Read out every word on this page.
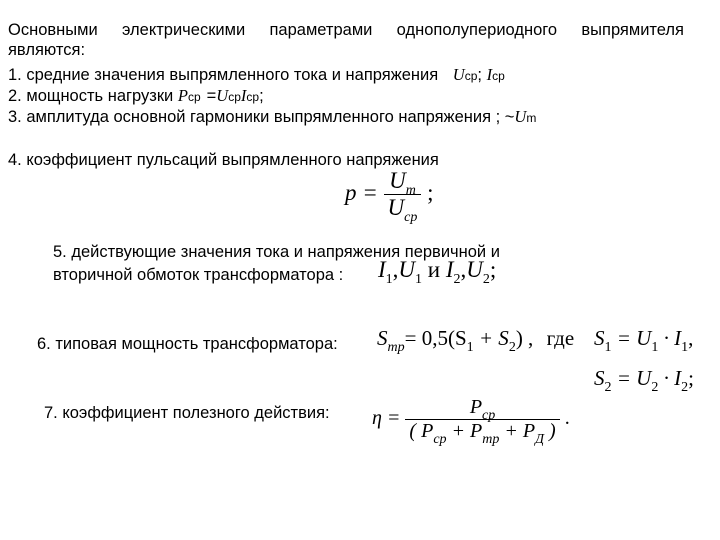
Основными электрическими параметрами однополупериодного выпрямителя
являются:
1. средние значения выпрямленного тока и напряжения Uср; Iср
2. мощность нагрузки Pср =UсрIср;
3. амплитуда основной гармоники выпрямленного напряжения ; ~Um
4. коэффициент пульсаций выпрямленного напряжения
$p = \frac{U_m}{U_{ср}}$ ;
5. действующие значения тока и напряжения первичной и
вторичной обмоток трансформатора : $I_1,U_1$ и $I_2,U_2$;
6. типовая мощность трансформатора: $S_{тр}= 0,5(S_1 + S_2)$ , где $S_1 = U_1 \cdot I_1$,
$S_2 = U_2 \cdot I_2$;
7. коэффициент полезного действия: $\eta = \frac{P_{ср}}{( P_{ср} + P_{тр} + P_Д )}$ .
